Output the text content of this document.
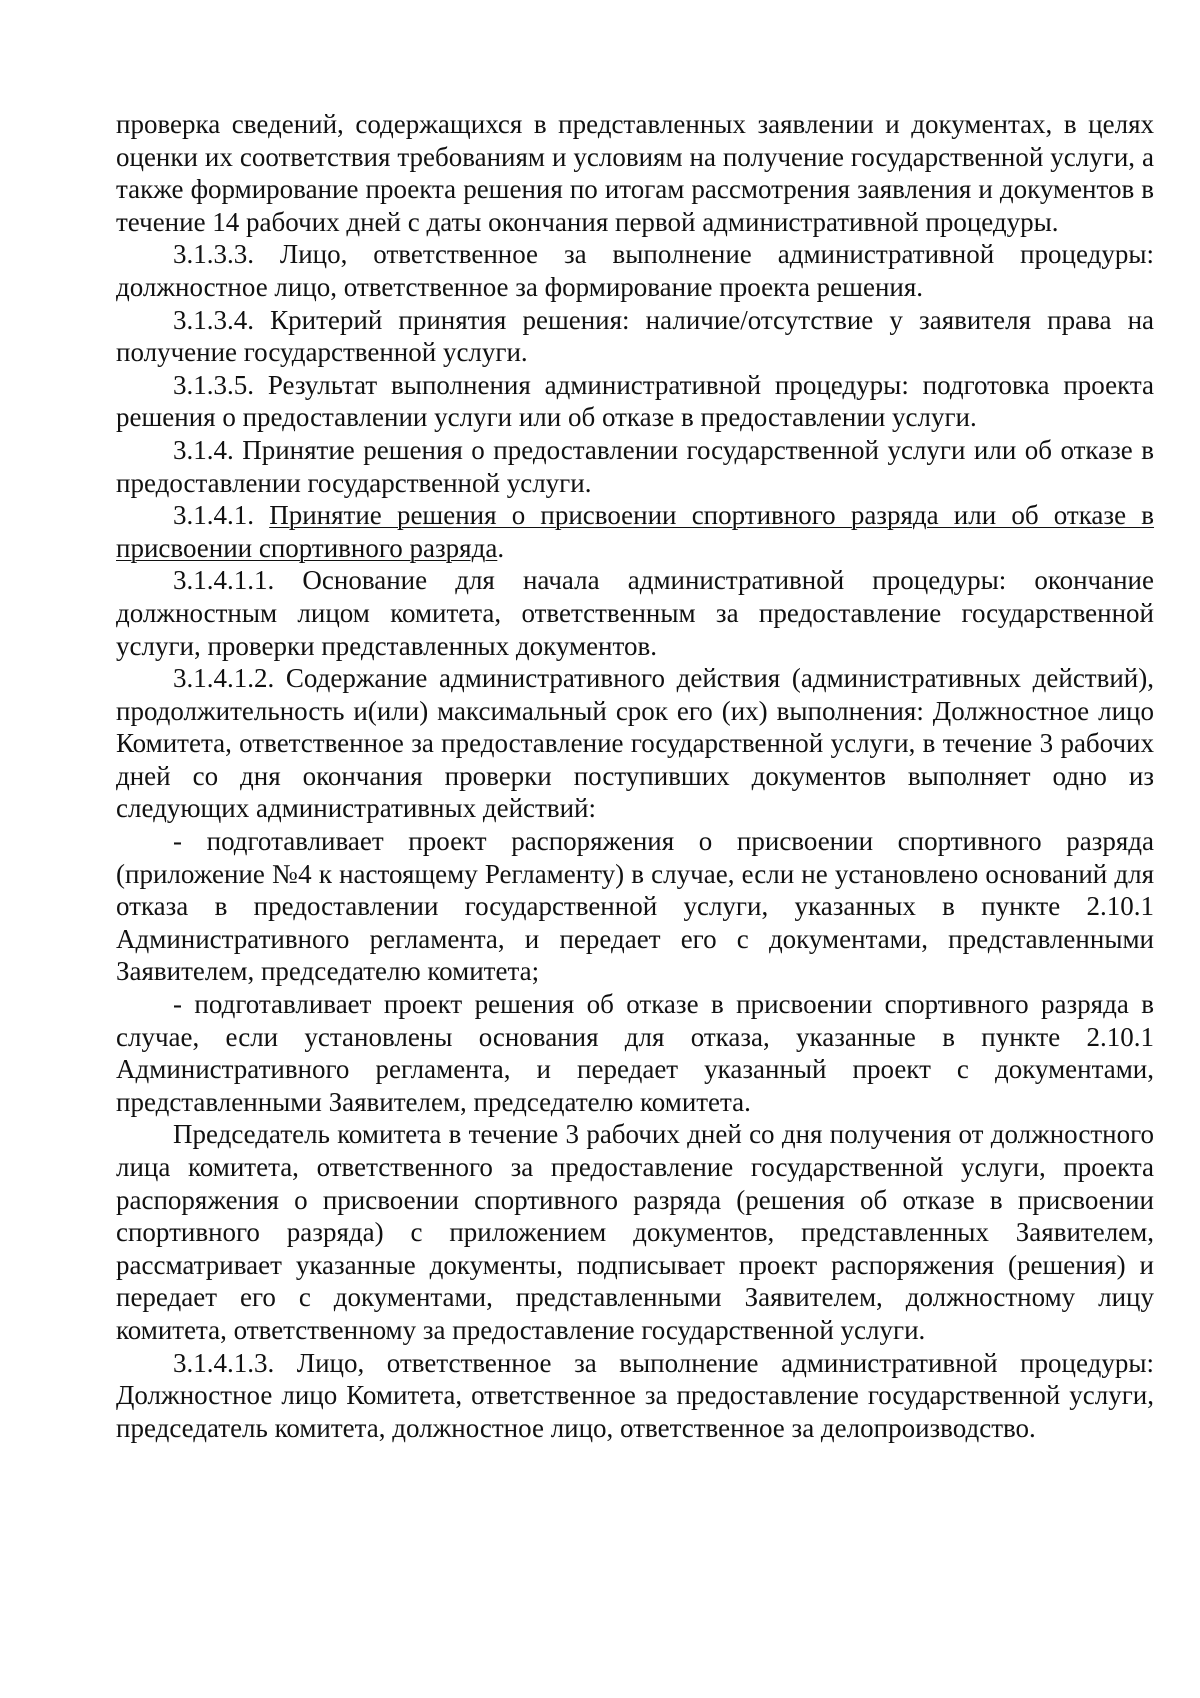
проверка сведений, содержащихся в представленных заявлении и документах, в целях оценки их соответствия требованиям и условиям на получение государственной услуги, а также формирование проекта решения по итогам рассмотрения заявления и документов в течение 14 рабочих дней с даты окончания первой административной процедуры.

3.1.3.3. Лицо, ответственное за выполнение административной процедуры: должностное лицо, ответственное за формирование проекта решения.

3.1.3.4. Критерий принятия решения: наличие/отсутствие у заявителя права на получение государственной услуги.

3.1.3.5. Результат выполнения административной процедуры: подготовка проекта решения о предоставлении услуги или об отказе в предоставлении услуги.

3.1.4. Принятие решения о предоставлении государственной услуги или об отказе в предоставлении государственной услуги.

3.1.4.1. Принятие решения о присвоении спортивного разряда или об отказе в присвоении спортивного разряда.

3.1.4.1.1. Основание для начала административной процедуры: окончание должностным лицом комитета, ответственным за предоставление государственной услуги, проверки представленных документов.

3.1.4.1.2. Содержание административного действия (административных действий), продолжительность и(или) максимальный срок его (их) выполнения: Должностное лицо Комитета, ответственное за предоставление государственной услуги, в течение 3 рабочих дней со дня окончания проверки поступивших документов выполняет одно из следующих административных действий:

- подготавливает проект распоряжения о присвоении спортивного разряда (приложение №4 к настоящему Регламенту) в случае, если не установлено оснований для отказа в предоставлении государственной услуги, указанных в пункте 2.10.1 Административного регламента, и передает его с документами, представленными Заявителем, председателю комитета;

- подготавливает проект решения об отказе в присвоении спортивного разряда в случае, если установлены основания для отказа, указанные в пункте 2.10.1 Административного регламента, и передает указанный проект с документами, представленными Заявителем, председателю комитета.

Председатель комитета в течение 3 рабочих дней со дня получения от должностного лица комитета, ответственного за предоставление государственной услуги, проекта распоряжения о присвоении спортивного разряда (решения об отказе в присвоении спортивного разряда) с приложением документов, представленных Заявителем, рассматривает указанные документы, подписывает проект распоряжения (решения) и передает его с документами, представленными Заявителем, должностному лицу комитета, ответственному за предоставление государственной услуги.

3.1.4.1.3. Лицо, ответственное за выполнение административной процедуры: Должностное лицо Комитета, ответственное за предоставление государственной услуги, председатель комитета, должностное лицо, ответственное за делопроизводство.
